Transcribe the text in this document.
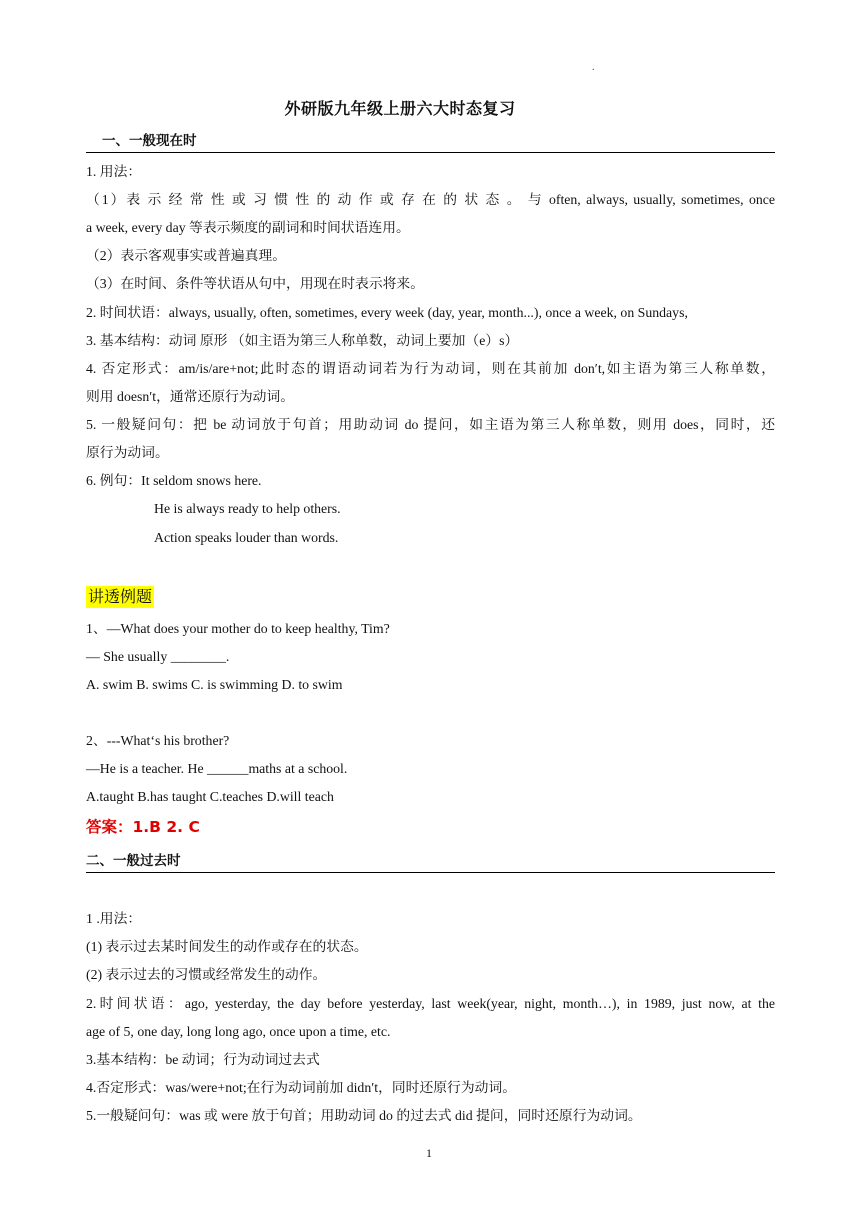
.
外研版九年级上册六大时态复习
一、一般现在时
1. 用法：
（1）表 示 经 常 性 或 习 惯 性 的 动 作 或 存 在 的 状 态 。 与 often, always, usually, sometimes, once
a week, every day 等表示频度的副词和时间状语连用。
（2）表示客观事实或普遍真理。
（3）在时间、条件等状语从句中，用现在时表示将来。
2. 时间状语：always, usually, often, sometimes, every week (day, year, month...), once a week, on Sundays,
3. 基本结构：动词 原形 （如主语为第三人称单数，动词上要加（e）s）
4. 否定形式：am/is/are+not;此时态的谓语动词若为行为动词，则在其前加 don′t,如主语为第三人称单数，
则用 doesn′t，通常还原行为动词。
5. 一般疑问句：把 be 动词放于句首；用助动词 do 提问，如主语为第三人称单数，则用 does，同时，还
原行为动词。
6. 例句：It seldom snows here.
He is always ready to help others.
Action speaks louder than words.
讲透例题
1、—What does your mother do to keep healthy, Tim?
— She usually ________.
A. swim B. swims C. is swimming D. to swim
2、---What‘s his brother?
—He is a teacher. He ______maths at a school.
A.taught B.has taught C.teaches D.will teach
答案：1.B 2. C
二、一般过去时
1 .用法：
(1) 表示过去某时间发生的动作或存在的状态。
(2) 表示过去的习惯或经常发生的动作。
2.时间状语：ago, yesterday, the day before yesterday, last week(year, night, month…), in 1989, just now, at the
age of 5, one day, long long ago, once upon a time, etc.
3.基本结构：be 动词；行为动词过去式
4.否定形式：was/were+not;在行为动词前加 didn′t，同时还原行为动词。
5.一般疑问句：was 或 were 放于句首；用助动词 do 的过去式 did 提问，同时还原行为动词。
1
